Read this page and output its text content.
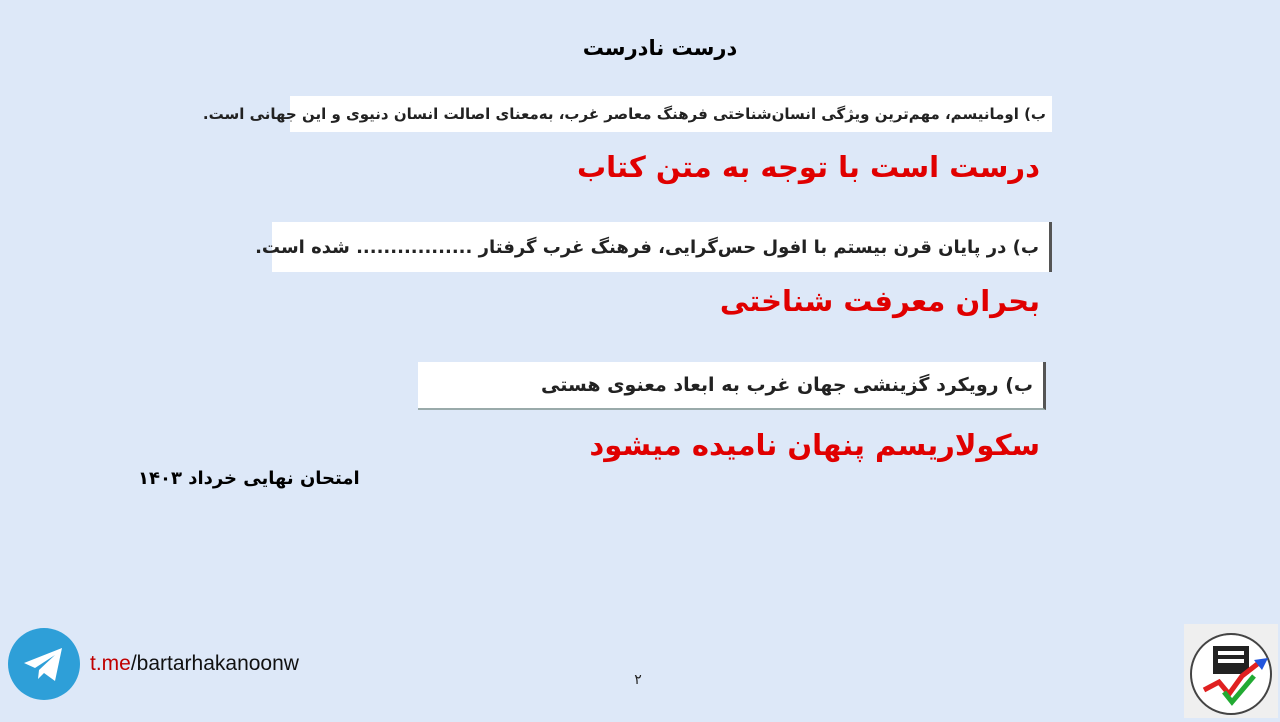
درست نادرست
ب) اومانیسم، مهم‌ترین ویژگی انسان‌شناختی فرهنگ معاصر غرب، به‌معنای اصالت انسان دنیوی و این جهانی است.
درست است با توجه به متن کتاب
ب) در پایان قرن بیستم با افول حس‌گرایی، فرهنگ غرب گرفتار ................. شده است.
بحران معرفت شناختی
ب) رویکرد گزینشی جهان غرب به ابعاد معنوی هستی
سکولاریسم پنهان نامیده میشود
امتحان نهایی خرداد ۱۴۰۳
t.me/bartarhakanoonw
۲
